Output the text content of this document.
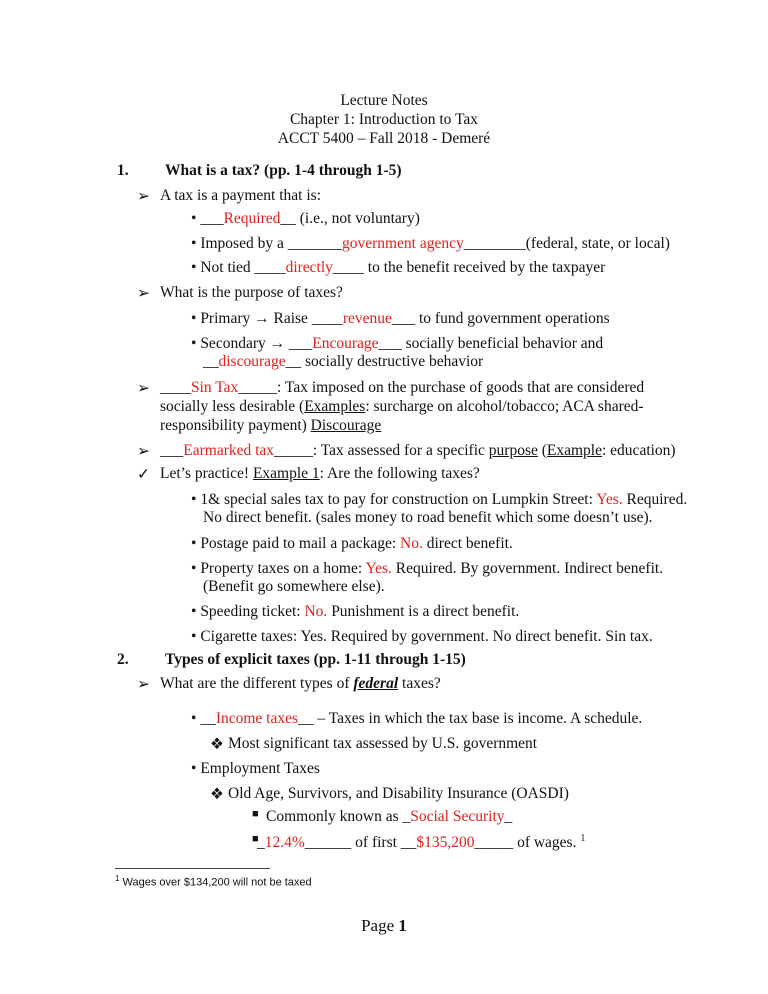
Lecture Notes
Chapter 1: Introduction to Tax
ACCT 5400 – Fall 2018 - Demeré
1. What is a tax? (pp. 1-4 through 1-5)
➢ A tax is a payment that is:
• ___Required__ (i.e., not voluntary)
• Imposed by a _______government agency________(federal, state, or local)
• Not tied ____directly____ to the benefit received by the taxpayer
➢ What is the purpose of taxes?
• Primary → Raise ____revenue___ to fund government operations
• Secondary → ___Encourage___ socially beneficial behavior and
__discourage__ socially destructive behavior
➢ ____Sin Tax_____: Tax imposed on the purchase of goods that are considered
socially less desirable (Examples: surcharge on alcohol/tobacco; ACA shared-
responsibility payment) Discourage
➢ ___Earmarked tax_____: Tax assessed for a specific purpose (Example: education)
✓ Let’s practice! Example 1: Are the following taxes?
• 1& special sales tax to pay for construction on Lumpkin Street: Yes. Required.
No direct benefit. (sales money to road benefit which some doesn’t use).
• Postage paid to mail a package: No. direct benefit.
• Property taxes on a home: Yes. Required. By government. Indirect benefit.
(Benefit go somewhere else).
• Speeding ticket: No. Punishment is a direct benefit.
• Cigarette taxes: Yes. Required by government. No direct benefit. Sin tax.
2. Types of explicit taxes (pp. 1-11 through 1-15)
➢ What are the different types of federal taxes?
• __Income taxes__ – Taxes in which the tax base is income. A schedule.
❖ Most significant tax assessed by U.S. government
• Employment Taxes
❖ Old Age, Survivors, and Disability Insurance (OASDI)
■ Commonly known as _Social Security_
■
_12.4%______ of first __$135,200_____ of wages. $^1$
$^1$ Wages over $134,200 will not be taxed
Page 1
